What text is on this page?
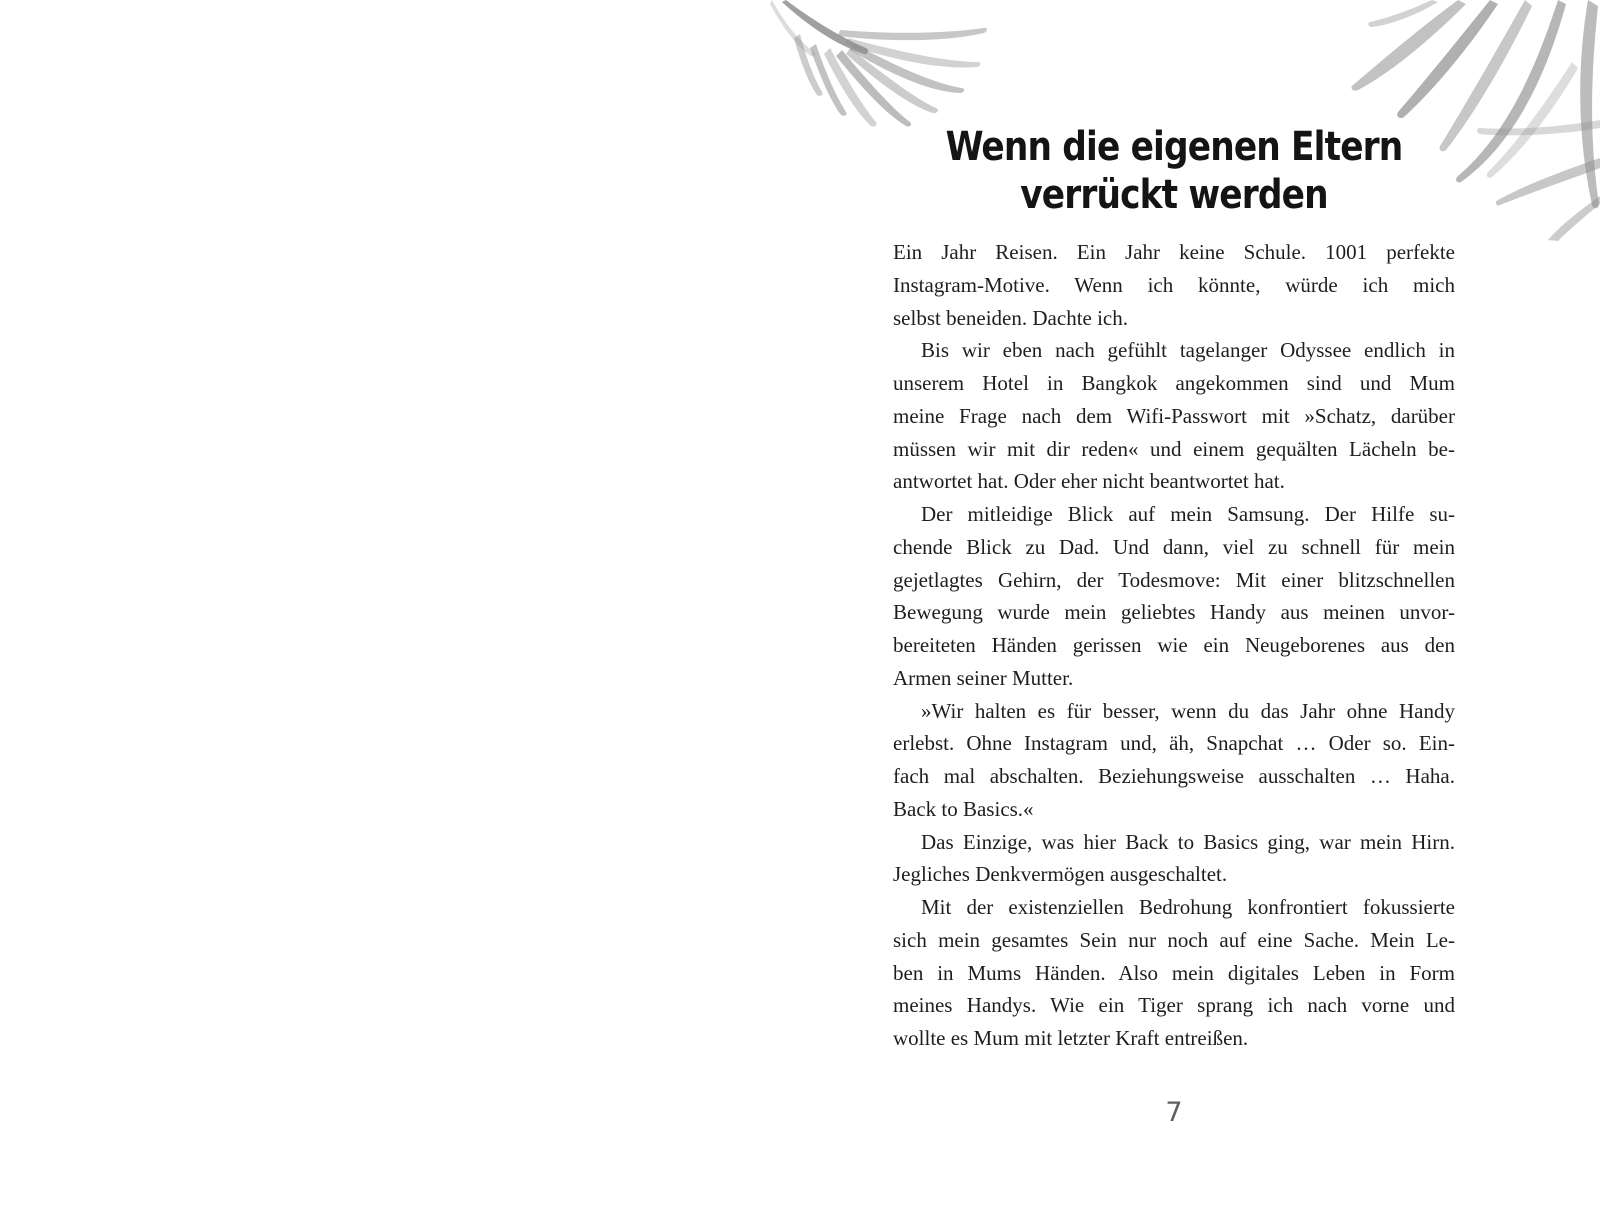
Wenn die eigenen Eltern
verrückt werden
Ein Jahr Reisen. Ein Jahr keine Schule. 1001 perfekte
Instagram-Motive. Wenn ich könnte, würde ich mich
selbst beneiden. Dachte ich.
Bis wir eben nach gefühlt tagelanger Odyssee endlich in
unserem Hotel in Bangkok angekommen sind und Mum
meine Frage nach dem Wifi-Passwort mit »Schatz, darüber
müssen wir mit dir reden« und einem gequälten Lächeln be-
antwortet hat. Oder eher nicht beantwortet hat.
Der mitleidige Blick auf mein Samsung. Der Hilfe su-
chende Blick zu Dad. Und dann, viel zu schnell für mein
gejetlagtes Gehirn, der Todesmove: Mit einer blitzschnellen
Bewegung wurde mein geliebtes Handy aus meinen unvor-
bereiteten Händen gerissen wie ein Neugeborenes aus den
Armen seiner Mutter.
»Wir halten es für besser, wenn du das Jahr ohne Handy
erlebst. Ohne Instagram und, äh, Snapchat … Oder so. Ein-
fach mal abschalten. Beziehungsweise ausschalten … Haha.
Back to Basics.«
Das Einzige, was hier Back to Basics ging, war mein Hirn.
Jegliches Denkvermögen ausgeschaltet.
Mit der existenziellen Bedrohung konfrontiert fokussierte
sich mein gesamtes Sein nur noch auf eine Sache. Mein Le-
ben in Mums Händen. Also mein digitales Leben in Form
meines Handys. Wie ein Tiger sprang ich nach vorne und
wollte es Mum mit letzter Kraft entreißen.
7
